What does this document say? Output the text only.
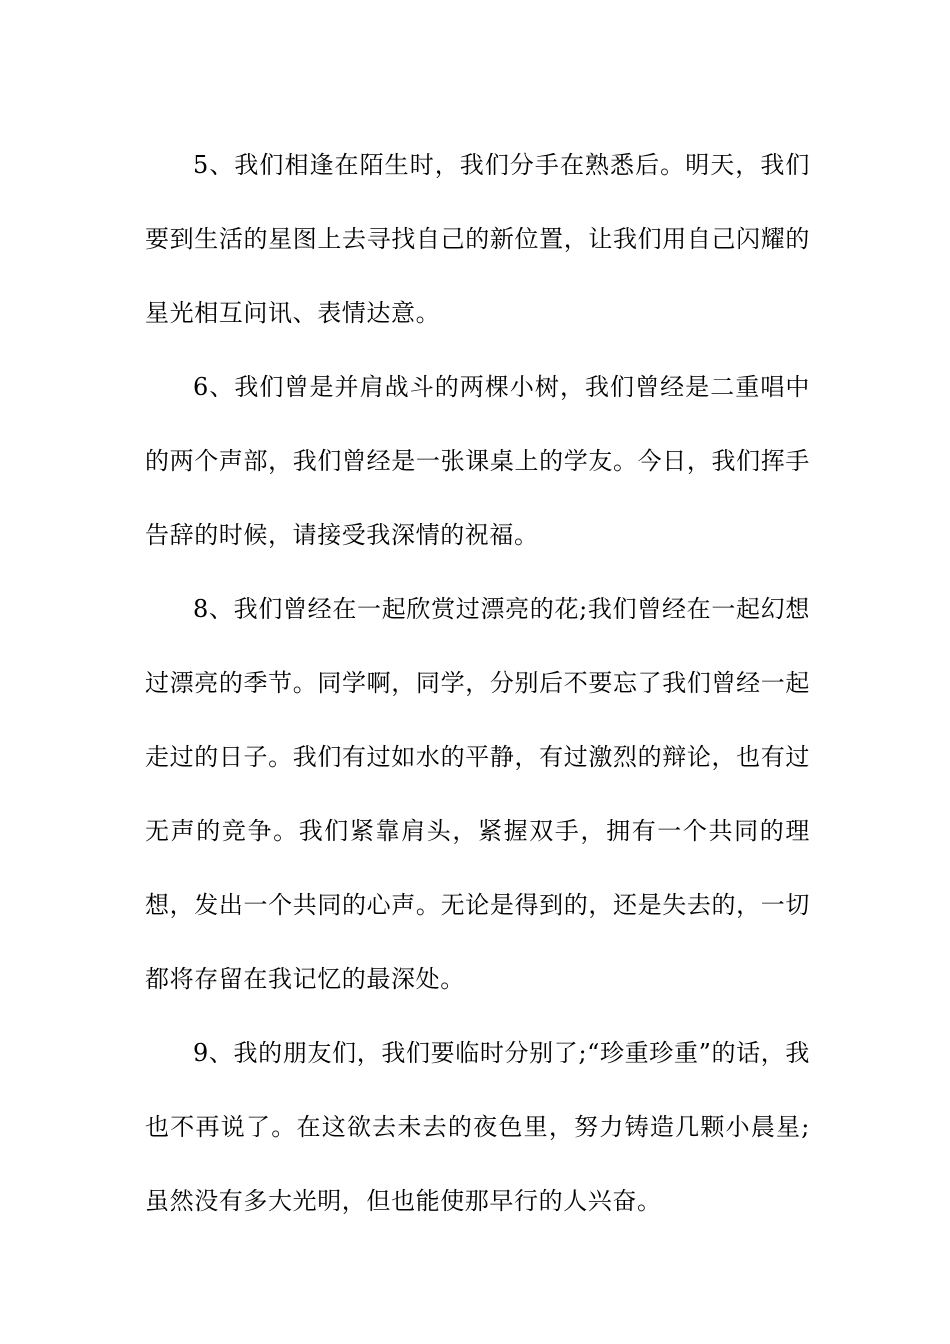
5、我们相逢在陌生时，我们分手在熟悉后。明天，我们要到生活的星图上去寻找自己的新位置，让我们用自己闪耀的星光相互问讯、表情达意。

6、我们曾是并肩战斗的两棵小树，我们曾经是二重唱中的两个声部，我们曾经是一张课桌上的学友。今日，我们挥手告辞的时候，请接受我深情的祝福。

8、我们曾经在一起欣赏过漂亮的花;我们曾经在一起幻想过漂亮的季节。同学啊，同学，分别后不要忘了我们曾经一起走过的日子。我们有过如水的平静，有过激烈的辩论，也有过无声的竞争。我们紧靠肩头，紧握双手，拥有一个共同的理想，发出一个共同的心声。无论是得到的，还是失去的，一切都将存留在我记忆的最深处。

9、我的朋友们，我们要临时分别了;“珍重珍重”的话，我也不再说了。在这欲去未去的夜色里，努力铸造几颗小晨星;虽然没有多大光明，但也能使那早行的人兴奋。
